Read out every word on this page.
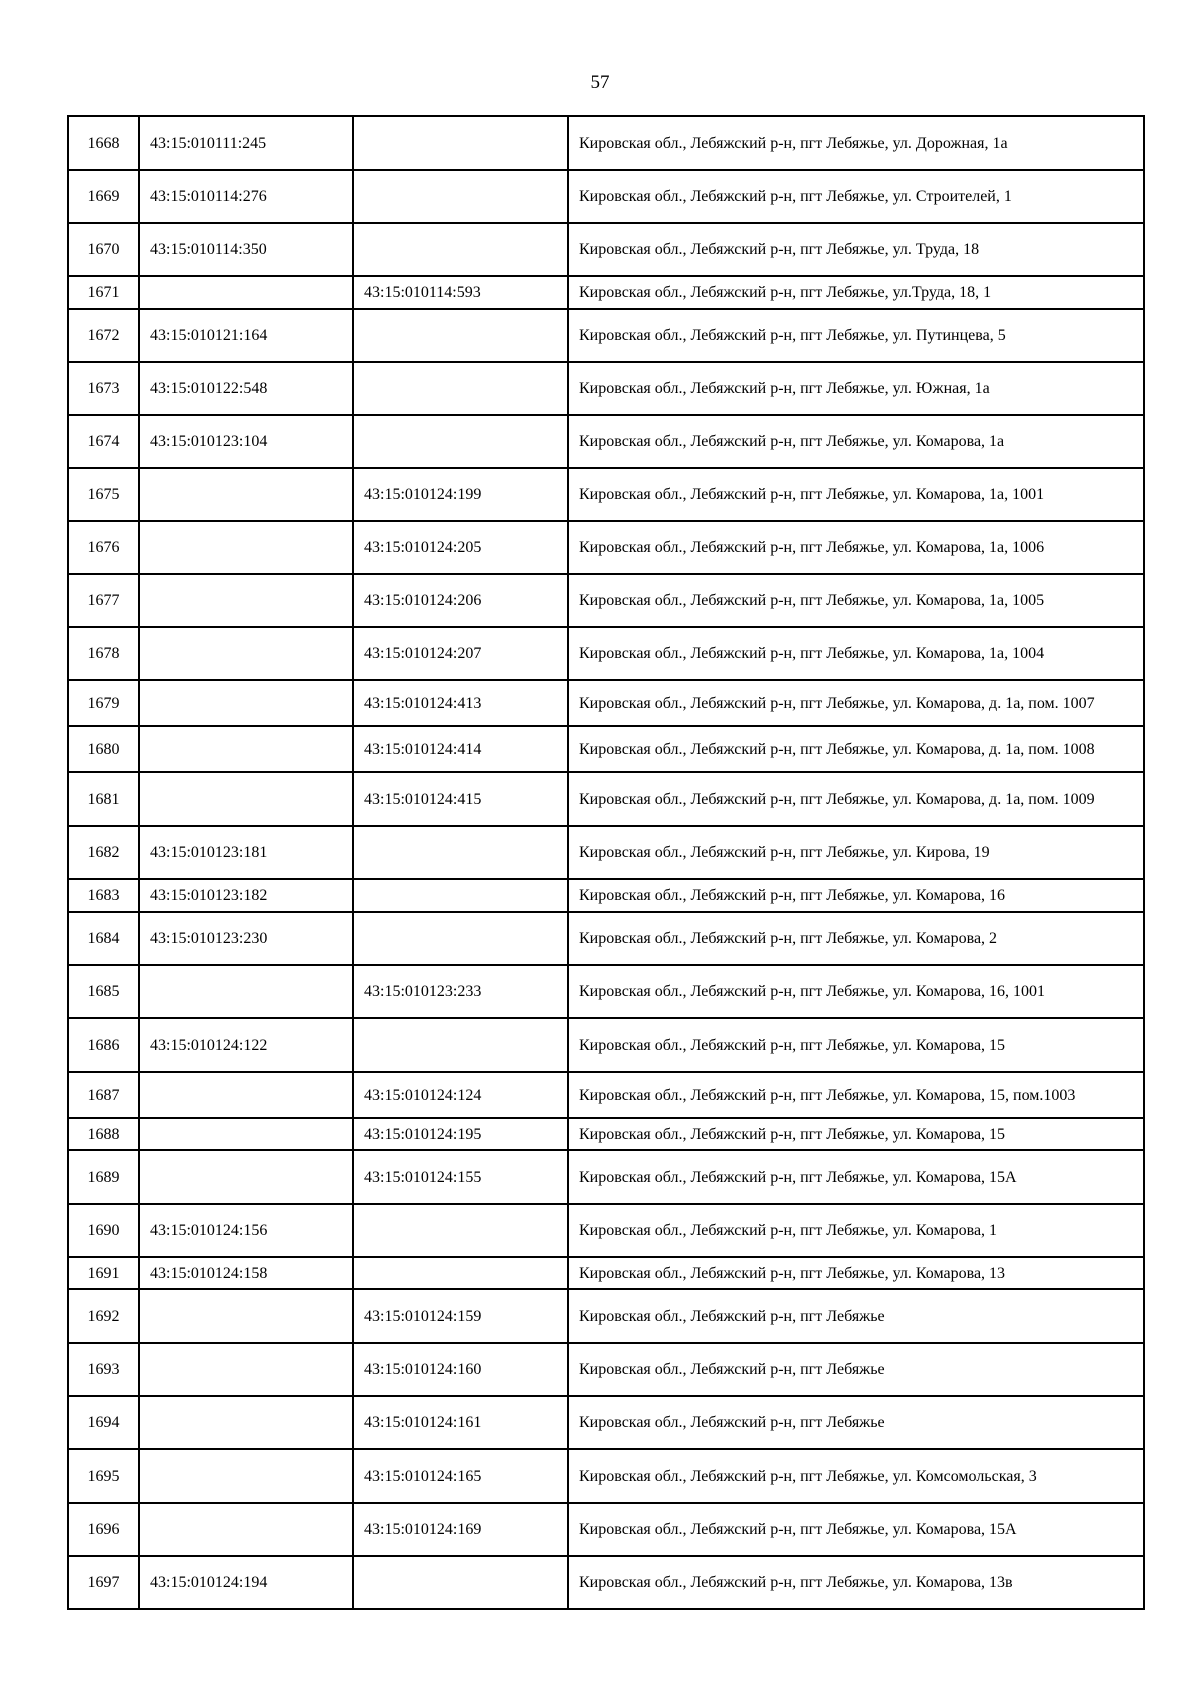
57
1668	43:15:010111:245		Кировская обл., Лебяжский р-н, пгт Лебяжье, ул. Дорожная, 1а
1669	43:15:010114:276		Кировская обл., Лебяжский р-н, пгт Лебяжье, ул. Строителей, 1
1670	43:15:010114:350		Кировская обл., Лебяжский р-н, пгт Лебяжье, ул. Труда, 18
1671		43:15:010114:593	Кировская обл., Лебяжский р-н, пгт Лебяжье, ул.Труда, 18, 1
1672	43:15:010121:164		Кировская обл., Лебяжский р-н, пгт Лебяжье, ул. Путинцева, 5
1673	43:15:010122:548		Кировская обл., Лебяжский р-н, пгт Лебяжье, ул. Южная, 1а
1674	43:15:010123:104		Кировская обл., Лебяжский р-н, пгт Лебяжье, ул. Комарова, 1а
1675		43:15:010124:199	Кировская обл., Лебяжский р-н, пгт Лебяжье, ул. Комарова, 1а, 1001
1676		43:15:010124:205	Кировская обл., Лебяжский р-н, пгт Лебяжье, ул. Комарова, 1а, 1006
1677		43:15:010124:206	Кировская обл., Лебяжский р-н, пгт Лебяжье, ул. Комарова, 1а, 1005
1678		43:15:010124:207	Кировская обл., Лебяжский р-н, пгт Лебяжье, ул. Комарова, 1а, 1004
1679		43:15:010124:413	Кировская обл., Лебяжский р-н, пгт Лебяжье, ул. Комарова, д. 1а, пом. 1007
1680		43:15:010124:414	Кировская обл., Лебяжский р-н, пгт Лебяжье, ул. Комарова, д. 1а, пом. 1008
1681		43:15:010124:415	Кировская обл., Лебяжский р-н, пгт Лебяжье, ул. Комарова, д. 1а, пом. 1009
1682	43:15:010123:181		Кировская обл., Лебяжский р-н, пгт Лебяжье, ул. Кирова, 19
1683	43:15:010123:182		Кировская обл., Лебяжский р-н, пгт Лебяжье, ул. Комарова, 16
1684	43:15:010123:230		Кировская обл., Лебяжский р-н, пгт Лебяжье, ул. Комарова, 2
1685		43:15:010123:233	Кировская обл., Лебяжский р-н, пгт Лебяжье, ул. Комарова, 16, 1001
1686	43:15:010124:122		Кировская обл., Лебяжский р-н, пгт Лебяжье, ул. Комарова, 15
1687		43:15:010124:124	Кировская обл., Лебяжский р-н, пгт Лебяжье, ул. Комарова, 15, пом.1003
1688		43:15:010124:195	Кировская обл., Лебяжский р-н, пгт Лебяжье, ул. Комарова, 15
1689		43:15:010124:155	Кировская обл., Лебяжский р-н, пгт Лебяжье, ул. Комарова, 15А
1690	43:15:010124:156		Кировская обл., Лебяжский р-н, пгт Лебяжье, ул. Комарова, 1
1691	43:15:010124:158		Кировская обл., Лебяжский р-н, пгт Лебяжье, ул. Комарова, 13
1692		43:15:010124:159	Кировская обл., Лебяжский р-н, пгт Лебяжье
1693		43:15:010124:160	Кировская обл., Лебяжский р-н, пгт Лебяжье
1694		43:15:010124:161	Кировская обл., Лебяжский р-н, пгт Лебяжье
1695		43:15:010124:165	Кировская обл., Лебяжский р-н, пгт Лебяжье, ул. Комсомольская, 3
1696		43:15:010124:169	Кировская обл., Лебяжский р-н, пгт Лебяжье, ул. Комарова, 15А
1697	43:15:010124:194		Кировская обл., Лебяжский р-н, пгт Лебяжье, ул. Комарова, 13в
